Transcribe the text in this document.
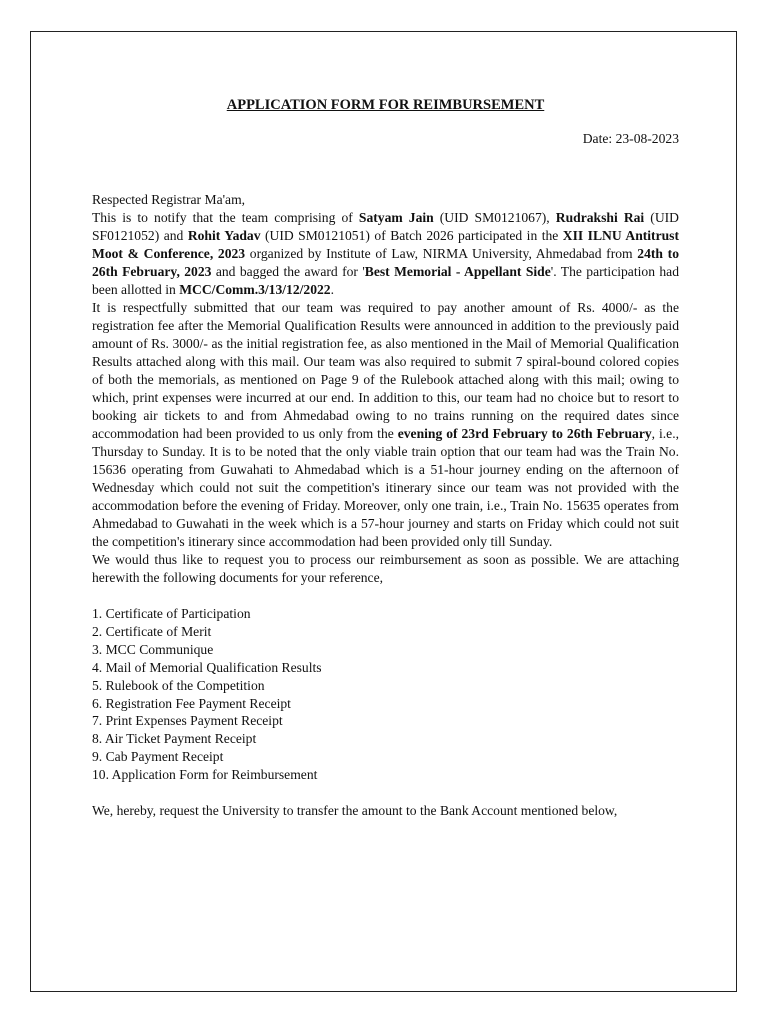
APPLICATION FORM FOR REIMBURSEMENT
Date: 23-08-2023
Respected Registrar Ma'am,

This is to notify that the team comprising of Satyam Jain (UID SM0121067), Rudrakshi Rai (UID SF0121052) and Rohit Yadav (UID SM0121051) of Batch 2026 participated in the XII ILNU Antitrust Moot & Conference, 2023 organized by Institute of Law, NIRMA University, Ahmedabad from 24th to 26th February, 2023 and bagged the award for 'Best Memorial - Appellant Side'. The participation had been allotted in MCC/Comm.3/13/12/2022.

It is respectfully submitted that our team was required to pay another amount of Rs. 4000/- as the registration fee after the Memorial Qualification Results were announced in addition to the previously paid amount of Rs. 3000/- as the initial registration fee, as also mentioned in the Mail of Memorial Qualification Results attached along with this mail. Our team was also required to submit 7 spiral-bound colored copies of both the memorials, as mentioned on Page 9 of the Rulebook attached along with this mail; owing to which, print expenses were incurred at our end. In addition to this, our team had no choice but to resort to booking air tickets to and from Ahmedabad owing to no trains running on the required dates since accommodation had been provided to us only from the evening of 23rd February to 26th February, i.e., Thursday to Sunday. It is to be noted that the only viable train option that our team had was the Train No. 15636 operating from Guwahati to Ahmedabad which is a 51-hour journey ending on the afternoon of Wednesday which could not suit the competition's itinerary since our team was not provided with the accommodation before the evening of Friday. Moreover, only one train, i.e., Train No. 15635 operates from Ahmedabad to Guwahati in the week which is a 57-hour journey and starts on Friday which could not suit the competition's itinerary since accommodation had been provided only till Sunday.

We would thus like to request you to process our reimbursement as soon as possible. We are attaching herewith the following documents for your reference,

1. Certificate of Participation
2. Certificate of Merit
3. MCC Communique
4. Mail of Memorial Qualification Results
5. Rulebook of the Competition
6. Registration Fee Payment Receipt
7. Print Expenses Payment Receipt
8. Air Ticket Payment Receipt
9. Cab Payment Receipt
10. Application Form for Reimbursement

We, hereby, request the University to transfer the amount to the Bank Account mentioned below,
